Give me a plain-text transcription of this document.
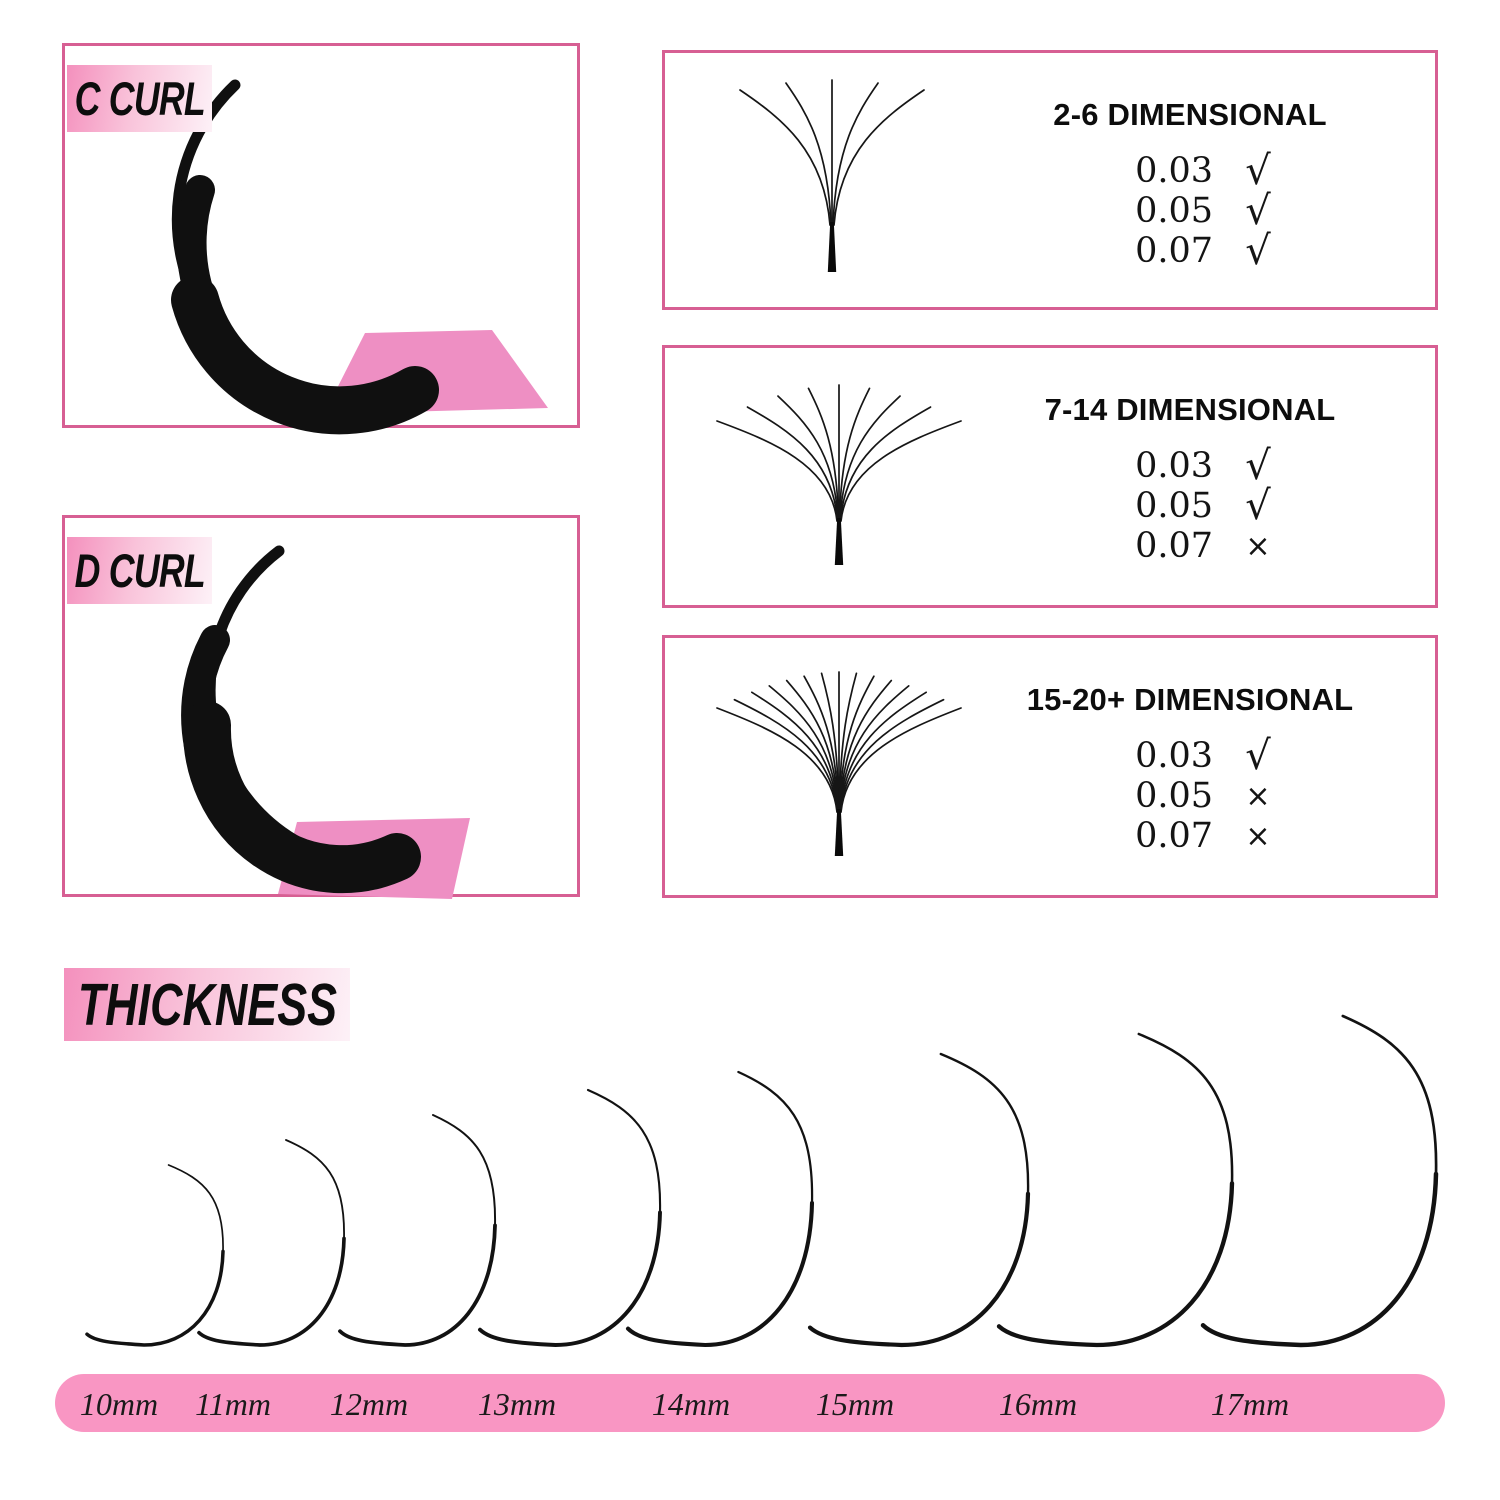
2-6 DIMENSIONAL
0.03 √
0.05 √
0.07 √
7-14 DIMENSIONAL
0.03 √
0.05 √
0.07	×
15-20+ DIMENSIONAL
0.03 √
0.05	×
0.07	×
C CURL
D CURL
THICKNESS
10mm 11mm 12mm 13mm	14mm	15mm	16mm	17mm
